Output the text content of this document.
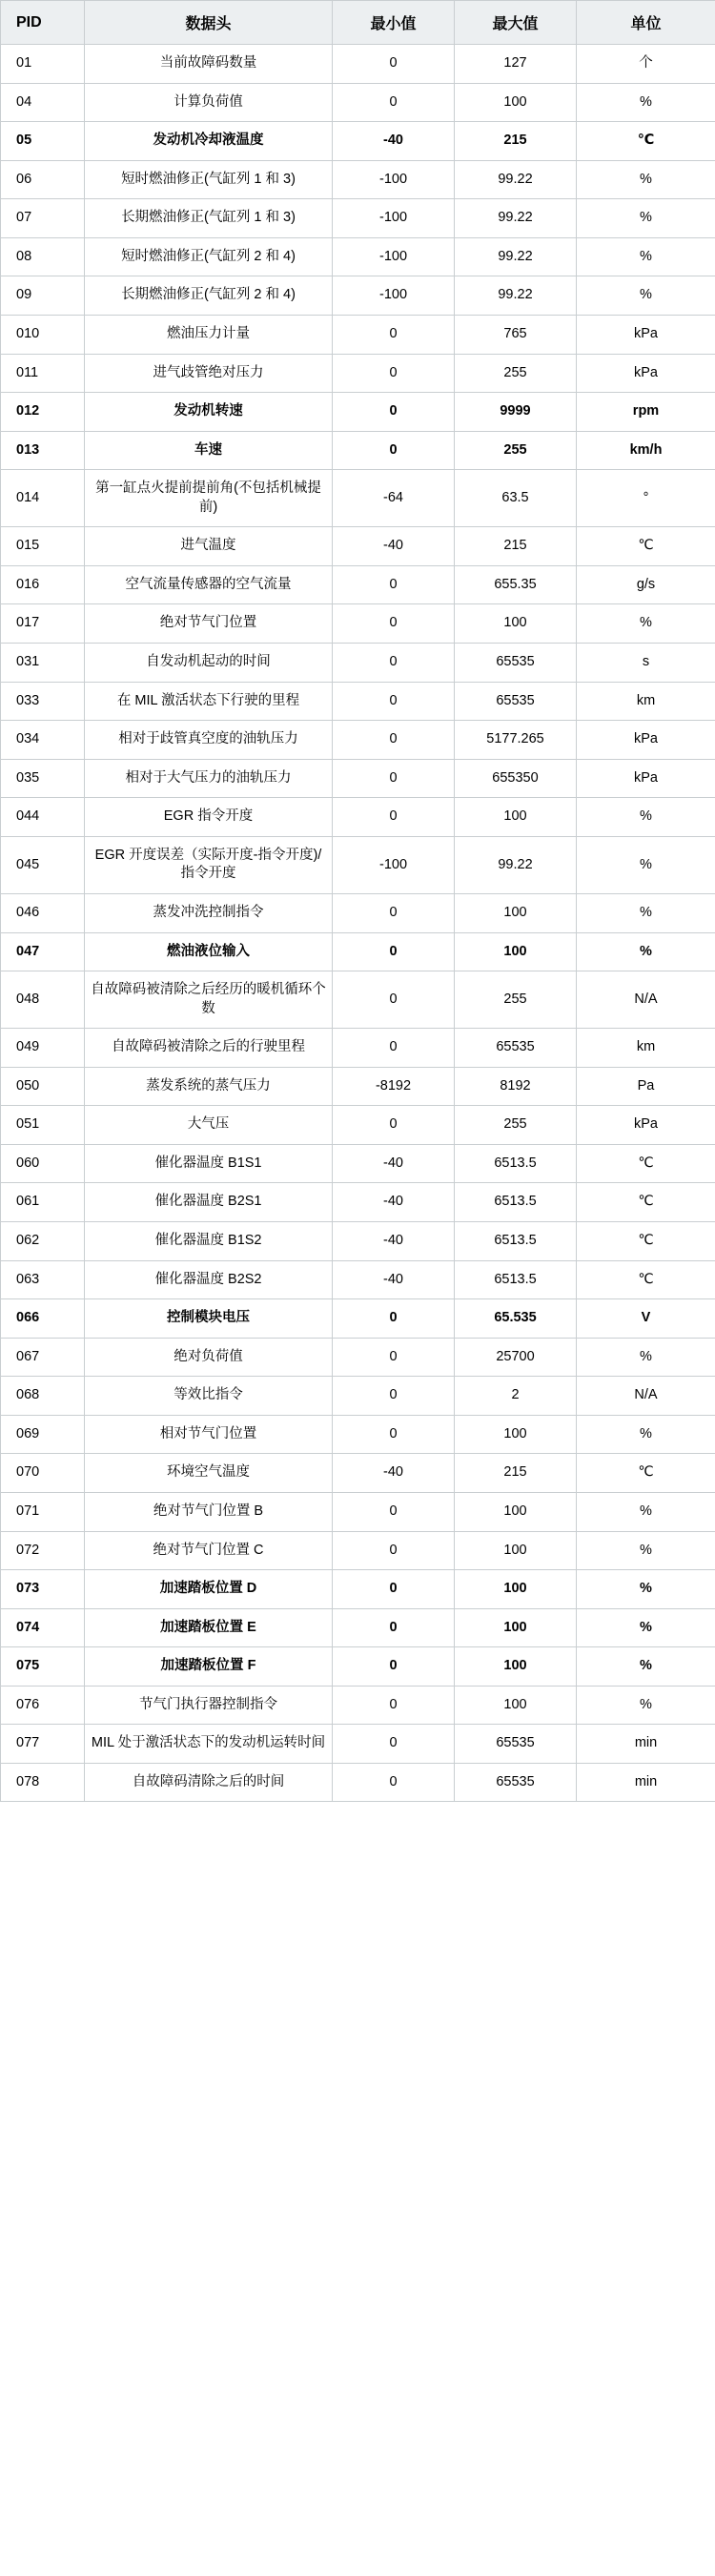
PID	数据头	最小值	最大值	单位
01	当前故障码数量	0	127	个
04	计算负荷值	0	100	%
05	发动机冷却液温度	-40	215	℃
06	短时燃油修正(气缸列 1 和 3)	-100	99.22	%
07	长期燃油修正(气缸列 1 和 3)	-100	99.22	%
08	短时燃油修正(气缸列 2 和 4)	-100	99.22	%
09	长期燃油修正(气缸列 2 和 4)	-100	99.22	%
010	燃油压力计量	0	765	kPa
011	进气歧管绝对压力	0	255	kPa
012	发动机转速	0	9999	rpm
013	车速	0	255	km/h
014	第一缸点火提前提前角(不包括机械提前)	-64	63.5	°
015	进气温度	-40	215	℃
016	空气流量传感器的空气流量	0	655.35	g/s
017	绝对节气门位置	0	100	%
031	自发动机起动的时间	0	65535	s
033	在 MIL 激活状态下行驶的里程	0	65535	km
034	相对于歧管真空度的油轨压力	0	5177.265	kPa
035	相对于大气压力的油轨压力	0	655350	kPa
044	EGR 指令开度	0	100	%
045	EGR 开度误差（实际开度-指令开度)/指令开度	-100	99.22	%
046	蒸发冲洗控制指令	0	100	%
047	燃油液位输入	0	100	%
048	自故障码被清除之后经历的暖机循环个数	0	255	N/A
049	自故障码被清除之后的行驶里程	0	65535	km
050	蒸发系统的蒸气压力	-8192	8192	Pa
051	大气压	0	255	kPa
060	催化器温度 B1S1	-40	6513.5	℃
061	催化器温度 B2S1	-40	6513.5	℃
062	催化器温度 B1S2	-40	6513.5	℃
063	催化器温度 B2S2	-40	6513.5	℃
066	控制模块电压	0	65.535	V
067	绝对负荷值	0	25700	%
068	等效比指令	0	2	N/A
069	相对节气门位置	0	100	%
070	环境空气温度	-40	215	℃
071	绝对节气门位置 B	0	100	%
072	绝对节气门位置 C	0	100	%
073	加速踏板位置 D	0	100	%
074	加速踏板位置 E	0	100	%
075	加速踏板位置 F	0	100	%
076	节气门执行器控制指令	0	100	%
077	MIL 处于激活状态下的发动机运转时间	0	65535	min
078	自故障码清除之后的时间	0	65535	min
